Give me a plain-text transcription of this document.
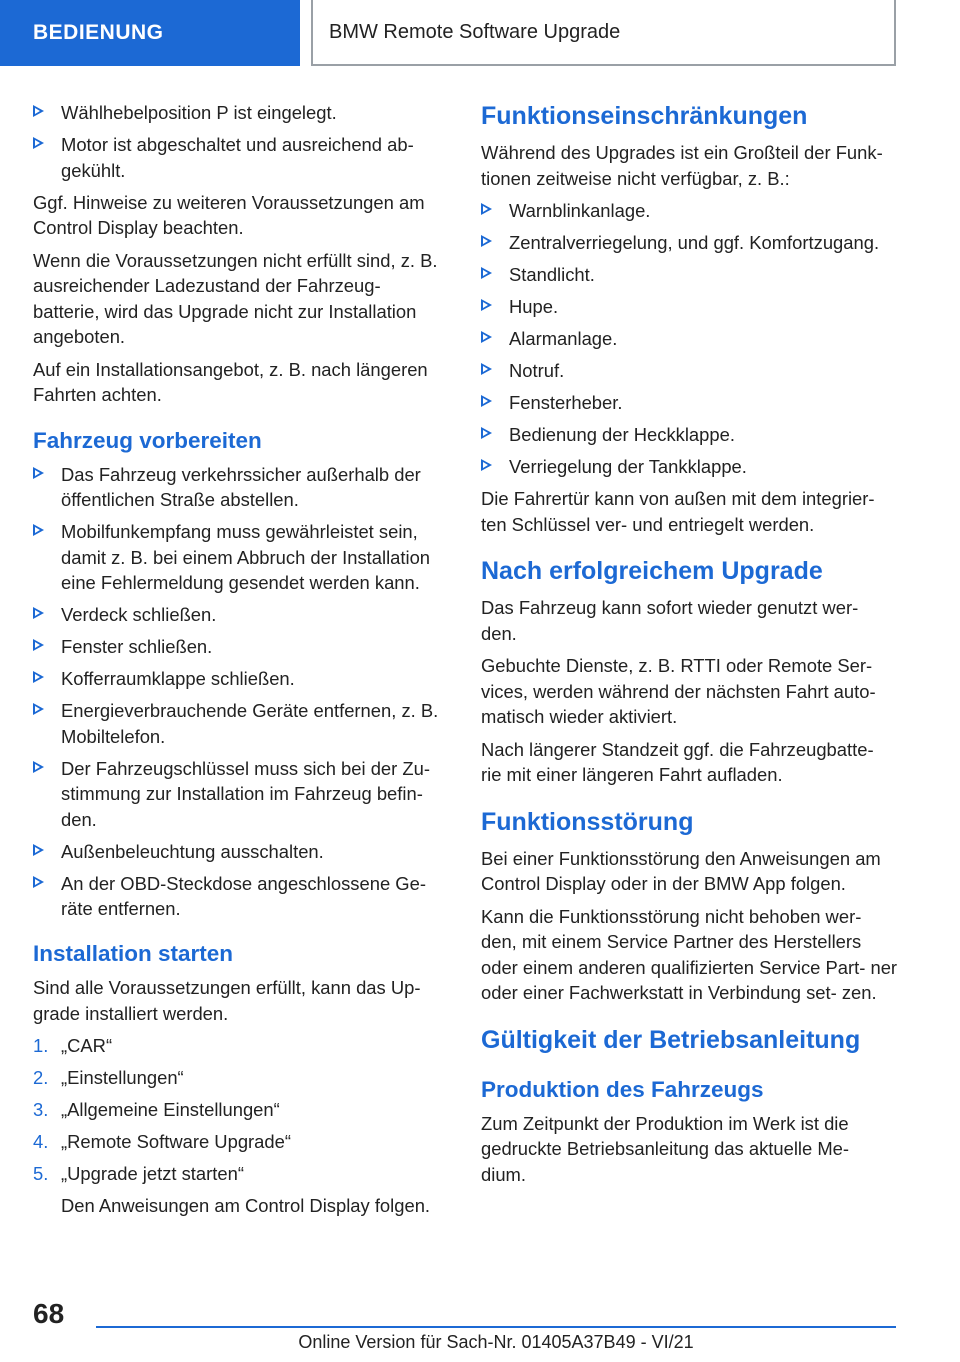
BEDIENUNG	BMW Remote Software Upgrade
Wählhebelposition P ist eingelegt.
Motor ist abgeschaltet und ausreichend ab‐ gekühlt.

Ggf. Hinweise zu weiteren Voraussetzungen am Control Display beachten.

Wenn die Voraussetzungen nicht erfüllt sind, z. B. ausreichender Ladezustand der Fahrzeug‐ batterie, wird das Upgrade nicht zur Installation angeboten.

Auf ein Installationsangebot, z. B. nach längeren Fahrten achten.

Fahrzeug vorbereiten
Das Fahrzeug verkehrssicher außerhalb der öffentlichen Straße abstellen.
Mobilfunkempfang muss gewährleistet sein, damit z. B. bei einem Abbruch der Installation eine Fehlermeldung gesendet werden kann.
Verdeck schließen.
Fenster schließen.
Kofferraumklappe schließen.
Energieverbrauchende Geräte entfernen, z. B. Mobiltelefon.
Der Fahrzeugschlüssel muss sich bei der Zu‐ stimmung zur Installation im Fahrzeug befin‐ den.
Außenbeleuchtung ausschalten.
An der OBD-Steckdose angeschlossene Ge‐ räte entfernen.
Installation starten

Sind alle Voraussetzungen erfüllt, kann das Up‐ grade installiert werden.

1. „CAR“
2. „Einstellungen“
3. „Allgemeine Einstellungen“
4. „Remote Software Upgrade“
5. „Upgrade jetzt starten“
Den Anweisungen am Control Display folgen.
Funktionseinschränkungen

Während des Upgrades ist ein Großteil der Funk‐ tionen zeitweise nicht verfügbar, z. B.:

Warnblinkanlage.
Zentralverriegelung, und ggf. Komfortzugang.
Standlicht.
Hupe.
Alarmanlage.
Notruf.
Fensterheber.
Bedienung der Heckklappe.
Verriegelung der Tankklappe.

Die Fahrertür kann von außen mit dem integrier‐ ten Schlüssel ver- und entriegelt werden.

Nach erfolgreichem Upgrade

Das Fahrzeug kann sofort wieder genutzt wer‐ den.

Gebuchte Dienste, z. B. RTTI oder Remote Ser‐ vices, werden während der nächsten Fahrt auto‐ matisch wieder aktiviert.

Nach längerer Standzeit ggf. die Fahrzeugbatte‐ rie mit einer längeren Fahrt aufladen.

Funktionsstörung

Bei einer Funktionsstörung den Anweisungen am Control Display oder in der BMW App folgen.

Kann die Funktionsstörung nicht behoben wer‐ den, mit einem Service Partner des Herstellers oder einem anderen qualifizierten Service Part‐ ner oder einer Fachwerkstatt in Verbindung set‐ zen.

Gültigkeit der Betriebsanleitung
Produktion des Fahrzeugs

Zum Zeitpunkt der Produktion im Werk ist die gedruckte Betriebsanleitung das aktuelle Me‐ dium.

68
Online Version für Sach-Nr. 01405A37B49 - VI/21
